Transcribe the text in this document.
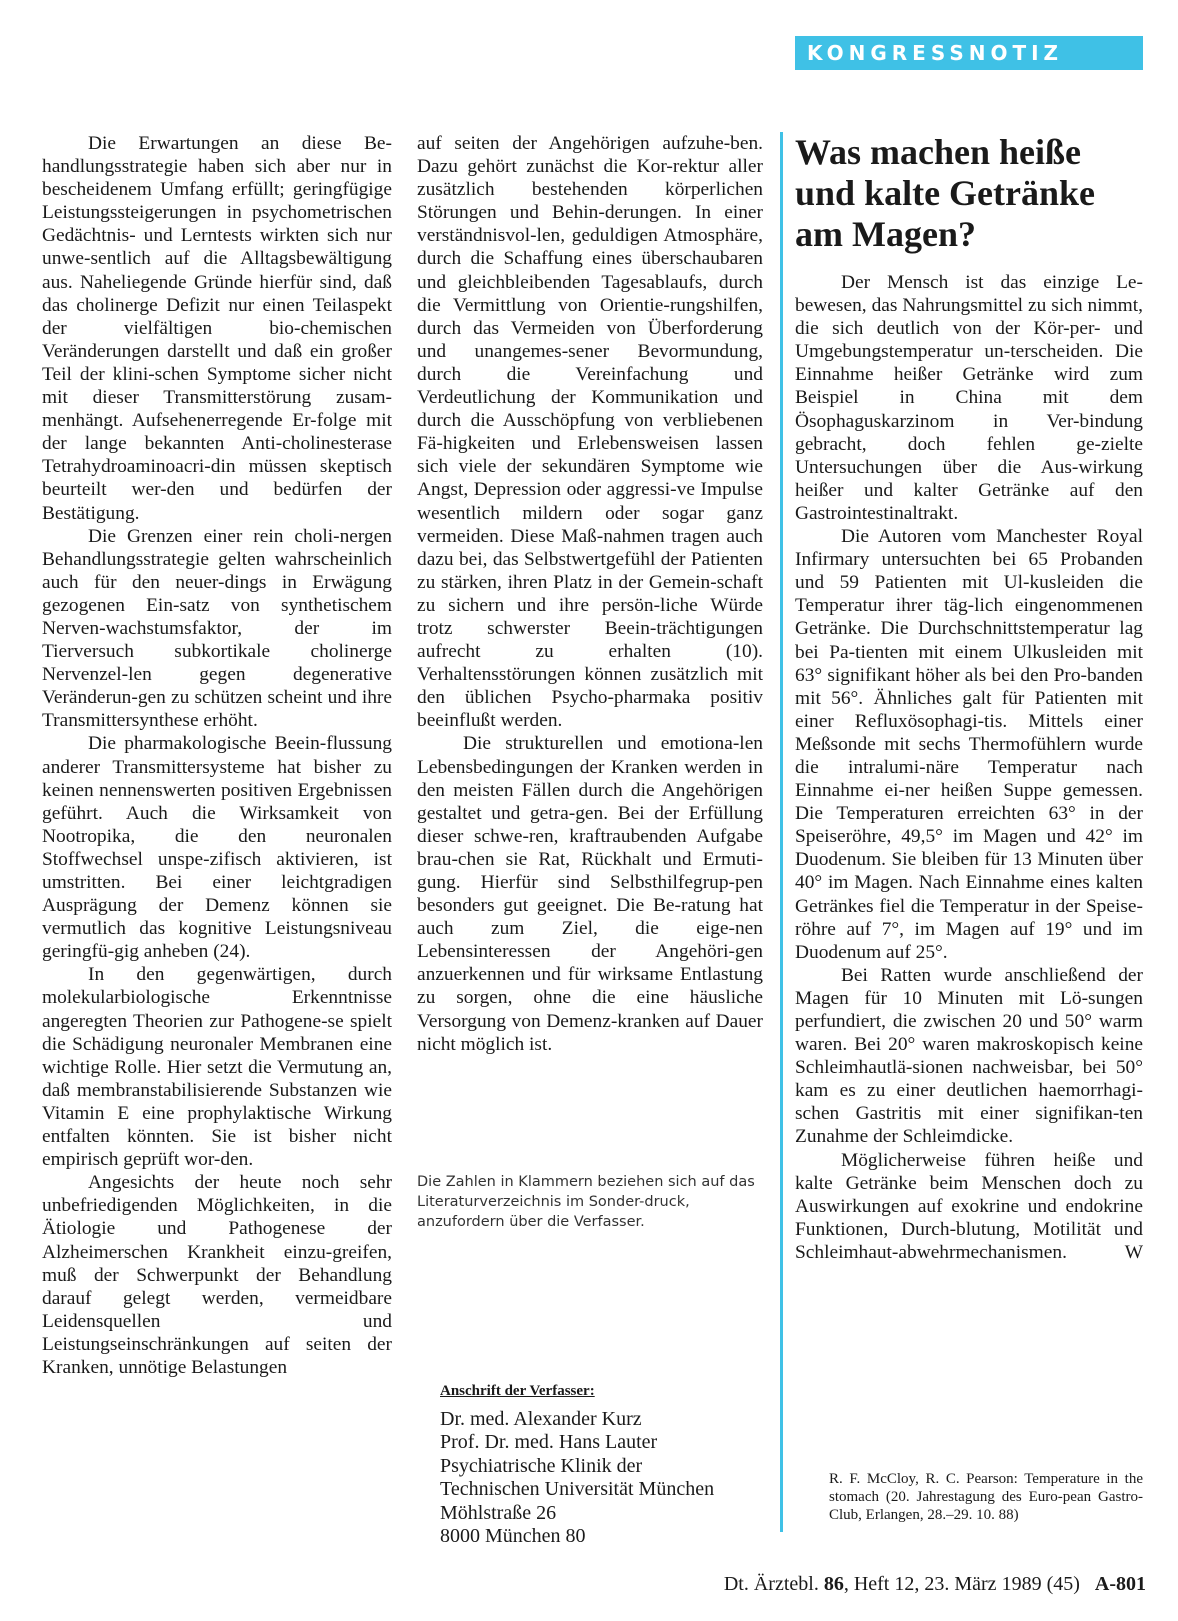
KONGRESSNOTIZ

Die Erwartungen an diese Be-handlungsstrategie haben sich aber nur in bescheidenem Umfang erfüllt; geringfügige Leistungssteigerungen in psychometrischen Gedächtnis- und Lerntests wirkten sich nur unwe-sentlich auf die Alltagsbewältigung aus. Naheliegende Gründe hierfür sind, daß das cholinerge Defizit nur einen Teilaspekt der vielfältigen bio-chemischen Veränderungen darstellt und daß ein großer Teil der klini-schen Symptome sicher nicht mit dieser Transmitterstörung zusam-menhängt. Aufsehenerregende Er-folge mit der lange bekannten Anti-cholinesterase Tetrahydroaminoacri-din müssen skeptisch beurteilt wer-den und bedürfen der Bestätigung.

Die Grenzen einer rein choli-nergen Behandlungsstrategie gelten wahrscheinlich auch für den neuer-dings in Erwägung gezogenen Ein-satz von synthetischem Nerven-wachstumsfaktor, der im Tierversuch subkortikale cholinerge Nervenzel-len gegen degenerative Veränderun-gen zu schützen scheint und ihre Transmittersynthese erhöht.

Die pharmakologische Beein-flussung anderer Transmittersysteme hat bisher zu keinen nennenswerten positiven Ergebnissen geführt. Auch die Wirksamkeit von Nootropika, die den neuronalen Stoffwechsel unspe-zifisch aktivieren, ist umstritten. Bei einer leichtgradigen Ausprägung der Demenz können sie vermutlich das kognitive Leistungsniveau geringfü-gig anheben (24).

In den gegenwärtigen, durch molekularbiologische Erkenntnisse angeregten Theorien zur Pathogene-se spielt die Schädigung neuronaler Membranen eine wichtige Rolle. Hier setzt die Vermutung an, daß membranstabilisierende Substanzen wie Vitamin E eine prophylaktische Wirkung entfalten könnten. Sie ist bisher nicht empirisch geprüft wor-den.

Angesichts der heute noch sehr unbefriedigenden Möglichkeiten, in die Ätiologie und Pathogenese der Alzheimerschen Krankheit einzu-greifen, muß der Schwerpunkt der Behandlung darauf gelegt werden, vermeidbare Leidensquellen und Leistungseinschränkungen auf seiten der Kranken, unnötige Belastungen

auf seiten der Angehörigen aufzuhe-ben. Dazu gehört zunächst die Kor-rektur aller zusätzlich bestehenden körperlichen Störungen und Behin-derungen. In einer verständnisvol-len, geduldigen Atmosphäre, durch die Schaffung eines überschaubaren und gleichbleibenden Tagesablaufs, durch die Vermittlung von Orientie-rungshilfen, durch das Vermeiden von Überforderung und unangemes-sener Bevormundung, durch die Vereinfachung und Verdeutlichung der Kommunikation und durch die Ausschöpfung von verbliebenen Fä-higkeiten und Erlebensweisen lassen sich viele der sekundären Symptome wie Angst, Depression oder aggressi-ve Impulse wesentlich mildern oder sogar ganz vermeiden. Diese Maß-nahmen tragen auch dazu bei, das Selbstwertgefühl der Patienten zu stärken, ihren Platz in der Gemein-schaft zu sichern und ihre persön-liche Würde trotz schwerster Beein-trächtigungen aufrecht zu erhalten (10). Verhaltensstörungen können zusätzlich mit den üblichen Psycho-pharmaka positiv beeinflußt werden.

Die strukturellen und emotiona-len Lebensbedingungen der Kranken werden in den meisten Fällen durch die Angehörigen gestaltet und getra-gen. Bei der Erfüllung dieser schwe-ren, kraftraubenden Aufgabe brau-chen sie Rat, Rückhalt und Ermuti-gung. Hierfür sind Selbsthilfegrup-pen besonders gut geeignet. Die Be-ratung hat auch zum Ziel, die eige-nen Lebensinteressen der Angehöri-gen anzuerkennen und für wirksame Entlastung zu sorgen, ohne die eine häusliche Versorgung von Demenz-kranken auf Dauer nicht möglich ist.

Die Zahlen in Klammern beziehen sich auf das Literaturverzeichnis im Sonder-druck, anzufordern über die Verfasser.
Anschrift der Verfasser:
Dr. med. Alexander Kurz
Prof. Dr. med. Hans Lauter
Psychiatrische Klinik der
Technischen Universität München
Möhlstraße 26
8000 München 80
Was machen heiße und kalte Getränke am Magen?

Der Mensch ist das einzige Le-bewesen, das Nahrungsmittel zu sich nimmt, die sich deutlich von der Kör-per- und Umgebungstemperatur un-terscheiden. Die Einnahme heißer Getränke wird zum Beispiel in China mit dem Ösophaguskarzinom in Ver-bindung gebracht, doch fehlen ge-zielte Untersuchungen über die Aus-wirkung heißer und kalter Getränke auf den Gastrointestinaltrakt.

Die Autoren vom Manchester Royal Infirmary untersuchten bei 65 Probanden und 59 Patienten mit Ul-kusleiden die Temperatur ihrer täg-lich eingenommenen Getränke. Die Durchschnittstemperatur lag bei Pa-tienten mit einem Ulkusleiden mit 63° signifikant höher als bei den Pro-banden mit 56°. Ähnliches galt für Patienten mit einer Refluxösophagi-tis. Mittels einer Meßsonde mit sechs Thermofühlern wurde die intralumi-näre Temperatur nach Einnahme ei-ner heißen Suppe gemessen. Die Temperaturen erreichten 63° in der Speiseröhre, 49,5° im Magen und 42° im Duodenum. Sie bleiben für 13 Minuten über 40° im Magen. Nach Einnahme eines kalten Getränkes fiel die Temperatur in der Speise-röhre auf 7°, im Magen auf 19° und im Duodenum auf 25°.

Bei Ratten wurde anschließend der Magen für 10 Minuten mit Lö-sungen perfundiert, die zwischen 20 und 50° warm waren. Bei 20° waren makroskopisch keine Schleimhautlä-sionen nachweisbar, bei 50° kam es zu einer deutlichen haemorrhagi-schen Gastritis mit einer signifikan-ten Zunahme der Schleimdicke.

Möglicherweise führen heiße und kalte Getränke beim Menschen doch zu Auswirkungen auf exokrine und endokrine Funktionen, Durch-blutung, Motilität und Schleimhaut-abwehrmechanismen.	W

R. F. McCloy, R. C. Pearson: Temperature in the stomach (20. Jahrestagung des Euro-pean Gastro-Club, Erlangen, 28.–29. 10. 88)
Dt. Ärztebl. 86, Heft 12, 23. März 1989 (45) A-801
